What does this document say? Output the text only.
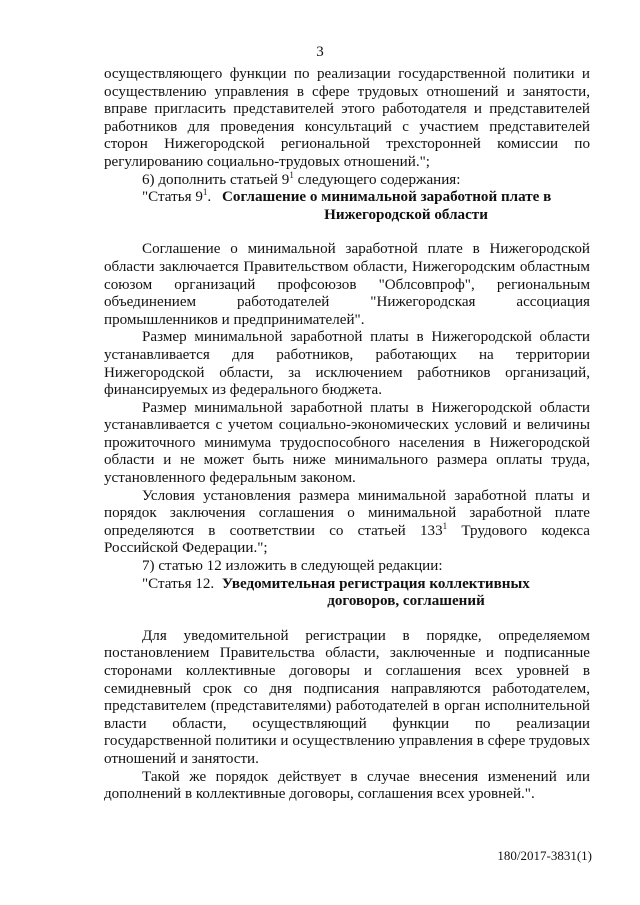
3

осуществляющего функции по реализации государственной политики и осуществлению управления в сфере трудовых отношений и занятости, вправе пригласить представителей этого работодателя и представителей работников для проведения консультаций с участием представителей сторон Нижегородской региональной трехсторонней комиссии по регулированию социально-трудовых отношений.";

6) дополнить статьей $9^1$ следующего содержания:

"Статья $9^1$. Соглашение о минимальной заработной плате в
Нижегородской области

Соглашение о минимальной заработной плате в Нижегородской области заключается Правительством области, Нижегородским областным союзом организаций профсоюзов "Облсовпроф", региональным объединением работодателей "Нижегородская ассоциация промышленников и предпринимателей".

Размер минимальной заработной платы в Нижегородской области устанавливается для работников, работающих на территории Нижегородской области, за исключением работников организаций, финансируемых из федерального бюджета.

Размер минимальной заработной платы в Нижегородской области устанавливается с учетом социально-экономических условий и величины прожиточного минимума трудоспособного населения в Нижегородской области и не может быть ниже минимального размера оплаты труда, установленного федеральным законом.

Условия установления размера минимальной заработной платы и порядок заключения соглашения о минимальной заработной плате определяются в соответствии со статьей $133^1$ Трудового кодекса Российской Федерации.";

7) статью 12 изложить в следующей редакции:

"Статья 12. Уведомительная регистрация коллективных
договоров, соглашений

Для уведомительной регистрации в порядке, определяемом постановлением Правительства области, заключенные и подписанные сторонами коллективные договоры и соглашения всех уровней в семидневный срок со дня подписания направляются работодателем, представителем (представителями) работодателей в орган исполнительной власти области, осуществляющий функции по реализации государственной политики и осуществлению управления в сфере трудовых отношений и занятости.

Такой же порядок действует в случае внесения изменений или дополнений в коллективные договоры, соглашения всех уровней.".

180/2017-3831(1)
